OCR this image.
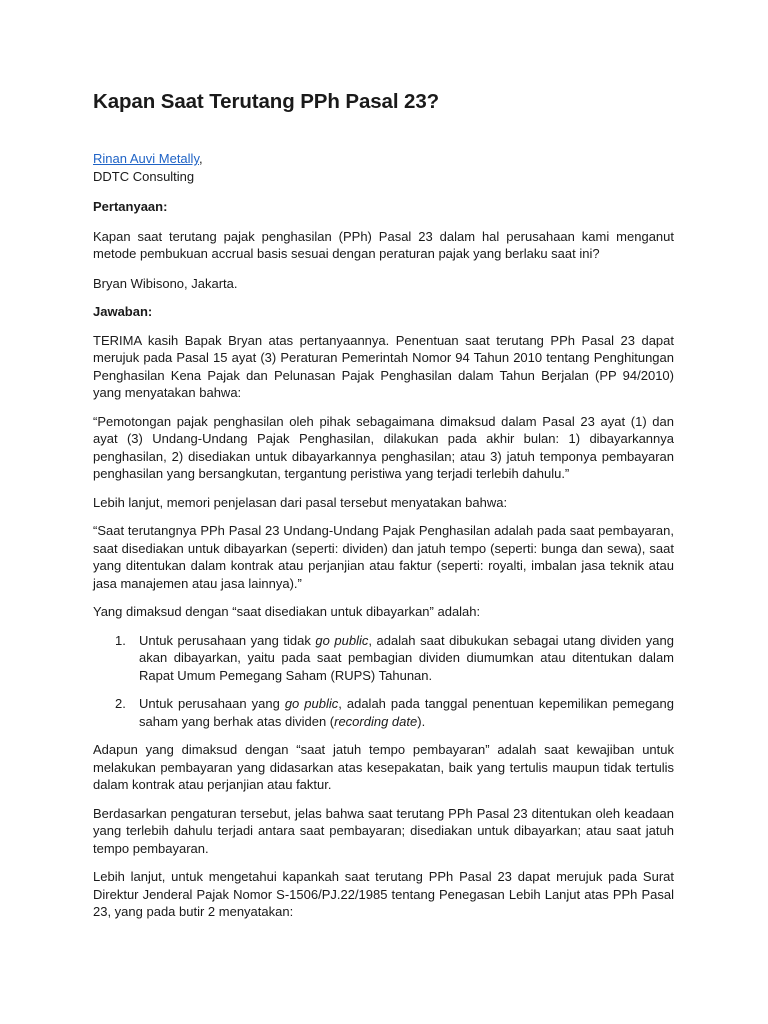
Kapan Saat Terutang PPh Pasal 23?
Rinan Auvi Metally,
DDTC Consulting

Pertanyaan:

Kapan saat terutang pajak penghasilan (PPh) Pasal 23 dalam hal perusahaan kami menganut metode pembukuan accrual basis sesuai dengan peraturan pajak yang berlaku saat ini?

Bryan Wibisono, Jakarta.

Jawaban:

TERIMA kasih Bapak Bryan atas pertanyaannya. Penentuan saat terutang PPh Pasal 23 dapat merujuk pada Pasal 15 ayat (3) Peraturan Pemerintah Nomor 94 Tahun 2010 tentang Penghitungan Penghasilan Kena Pajak dan Pelunasan Pajak Penghasilan dalam Tahun Berjalan (PP 94/2010) yang menyatakan bahwa:

“Pemotongan pajak penghasilan oleh pihak sebagaimana dimaksud dalam Pasal 23 ayat (1) dan ayat (3) Undang-Undang Pajak Penghasilan, dilakukan pada akhir bulan: 1) dibayarkannya penghasilan, 2) disediakan untuk dibayarkannya penghasilan; atau 3) jatuh temponya pembayaran penghasilan yang bersangkutan, tergantung peristiwa yang terjadi terlebih dahulu.”

Lebih lanjut, memori penjelasan dari pasal tersebut menyatakan bahwa:

“Saat terutangnya PPh Pasal 23 Undang-Undang Pajak Penghasilan adalah pada saat pembayaran, saat disediakan untuk dibayarkan (seperti: dividen) dan jatuh tempo (seperti: bunga dan sewa), saat yang ditentukan dalam kontrak atau perjanjian atau faktur (seperti: royalti, imbalan jasa teknik atau jasa manajemen atau jasa lainnya).”

Yang dimaksud dengan “saat disediakan untuk dibayarkan” adalah:

1. Untuk perusahaan yang tidak go public, adalah saat dibukukan sebagai utang dividen yang akan dibayarkan, yaitu pada saat pembagian dividen diumumkan atau ditentukan dalam Rapat Umum Pemegang Saham (RUPS) Tahunan.
2. Untuk perusahaan yang go public, adalah pada tanggal penentuan kepemilikan pemegang saham yang berhak atas dividen (recording date).

Adapun yang dimaksud dengan “saat jatuh tempo pembayaran” adalah saat kewajiban untuk melakukan pembayaran yang didasarkan atas kesepakatan, baik yang tertulis maupun tidak tertulis dalam kontrak atau perjanjian atau faktur.

Berdasarkan pengaturan tersebut, jelas bahwa saat terutang PPh Pasal 23 ditentukan oleh keadaan yang terlebih dahulu terjadi antara saat pembayaran; disediakan untuk dibayarkan; atau saat jatuh tempo pembayaran.

Lebih lanjut, untuk mengetahui kapankah saat terutang PPh Pasal 23 dapat merujuk pada Surat Direktur Jenderal Pajak Nomor S-1506/PJ.22/1985 tentang Penegasan Lebih Lanjut atas PPh Pasal 23, yang pada butir 2 menyatakan:
